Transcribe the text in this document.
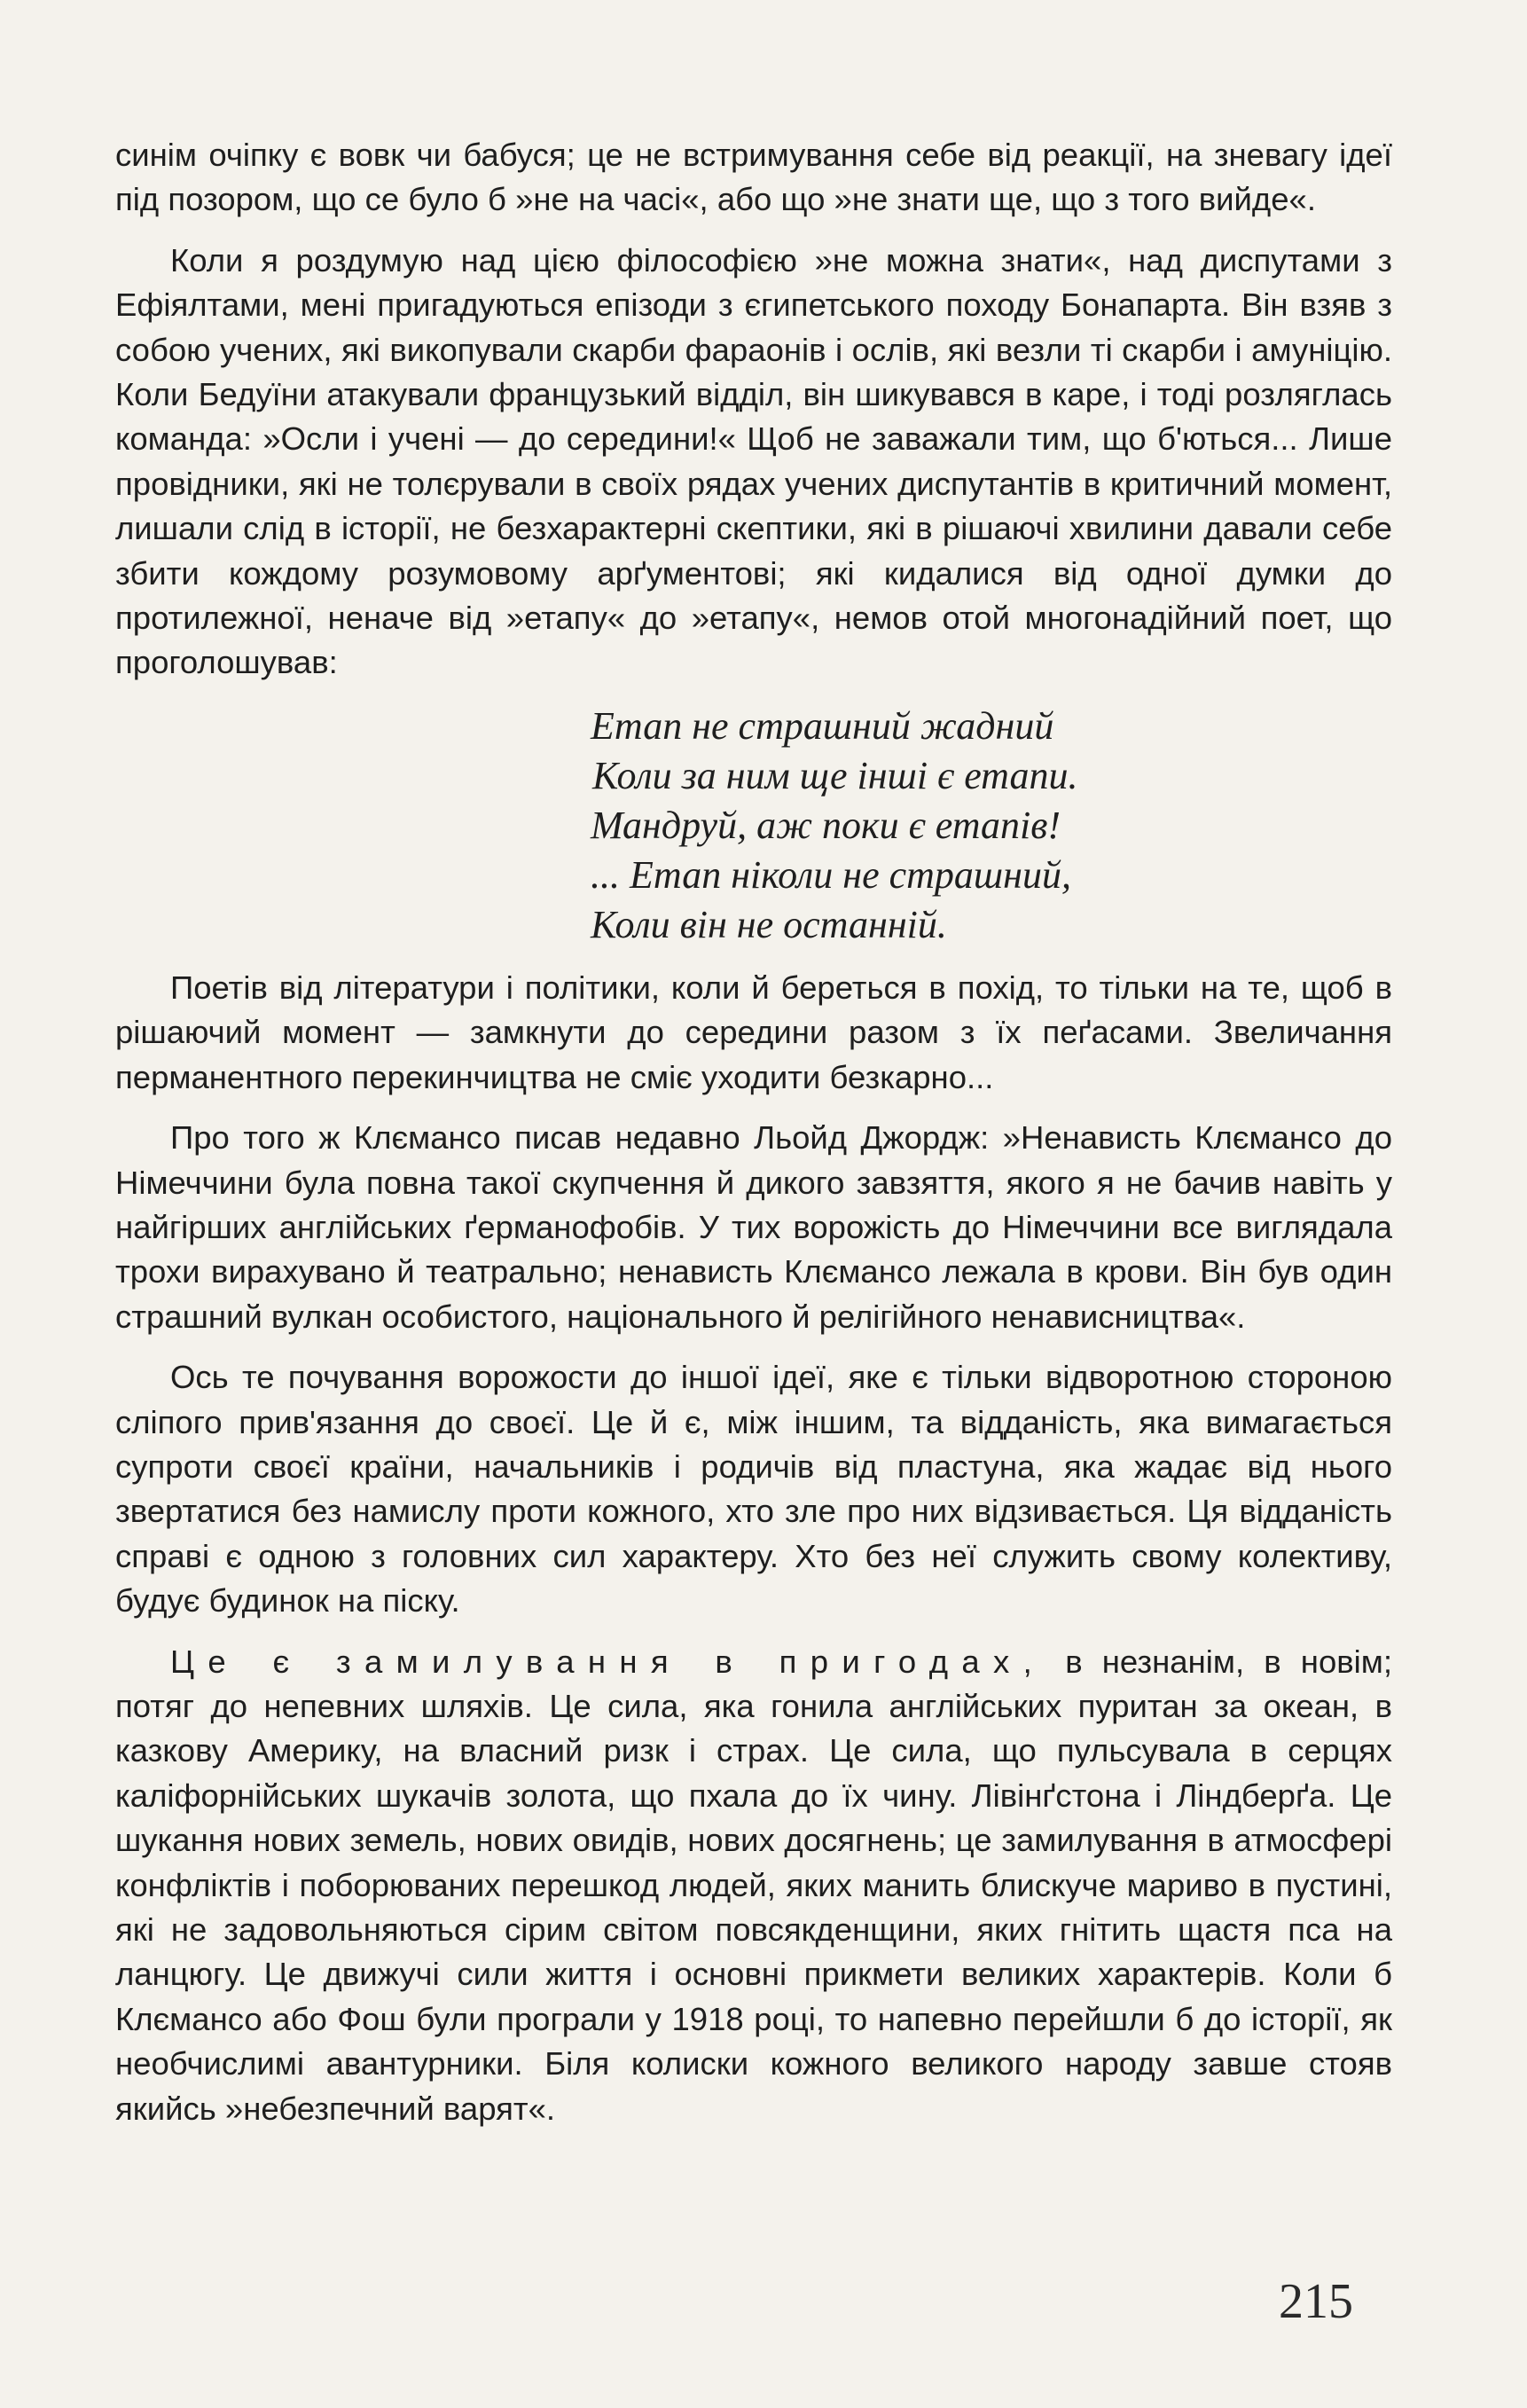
синім очіпку є вовк чи бабуся; це не встримування себе від реакції, на зневагу ідеї під позором, що се було б »не на часі«, або що »не знати ще, що з того вийде«.

Коли я роздумую над цією філософією »не можна знати«, над диспутами з Ефіялтами, мені пригадуються епізоди з єгипетського походу Бонапарта. Він взяв з собою учених, які викопували скарби фараонів і ослів, які везли ті скарби і амуніцію. Коли Бедуїни атакували французький відділ, він шикувався в каре, і тоді розляглась команда: »Осли і учені — до середини!« Щоб не заважали тим, що б'ються... Лише провідники, які не толєрували в своїх рядах учених диспутантів в критичний момент, лишали слід в історії, не безхарактерні скептики, які в рішаючі хвилини давали себе збити кождому розумовому арґументові; які кидалися від одної думки до протилежної, неначе від »етапу« до »етапу«, немов отой многонадійний поет, що проголошував:

Етап не страшний жадний
Коли за ним ще інші є етапи.
Мандруй, аж поки є етапів!
... Етап ніколи не страшний,
Коли він не останній.

Поетів від літератури і політики, коли й береться в похід, то тільки на те, щоб в рішаючий момент — замкнути до середини разом з їх пеґасами. Звеличання перманентного перекинчицтва не сміє уходити безкарно...

Про того ж Клємансо писав недавно Льойд Джордж: »Ненависть Клємансо до Німеччини була повна такої скупчення й дикого завзяття, якого я не бачив навіть у найгірших англійських ґерманофобів. У тих ворожість до Німеччини все виглядала трохи вирахувано й театрально; ненависть Клємансо лежала в крови. Він був один страшний вулкан особистого, національного й релігійного ненависництва«.

Ось те почування ворожости до іншої ідеї, яке є тільки відворотною стороною сліпого прив'язання до своєї. Це й є, між іншим, та відданість, яка вимагається супроти своєї країни, начальників і родичів від пластуна, яка жадає від нього звертатися без намислу проти кожного, хто зле про них відзивається. Ця відданість справі є одною з головних сил характеру. Хто без неї служить свому колективу, будує будинок на піску.

Це є замилування в пригодах, в незнанім, в новім; потяг до непевних шляхів. Це сила, яка гонила англійських пуритан за океан, в казкову Америку, на власний ризк і страх. Це сила, що пульсувала в серцях каліфорнійських шукачів золота, що пхала до їх чину. Лівінґстона і Ліндберґа. Це шукання нових земель, нових овидів, нових досягнень; це замилування в атмосфері конфліктів і поборюваних перешкод людей, яких манить блискуче мариво в пустині, які не задовольняються сірим світом повсякденщини, яких гнітить щастя пса на ланцюгу. Це движучі сили життя і основні прикмети великих характерів. Коли б Клємансо або Фош були програли у 1918 році, то напевно перейшли б до історії, як необчислимі авантурники. Біля колиски кожного великого народу завше стояв якийсь »небезпечний варят«.

215
